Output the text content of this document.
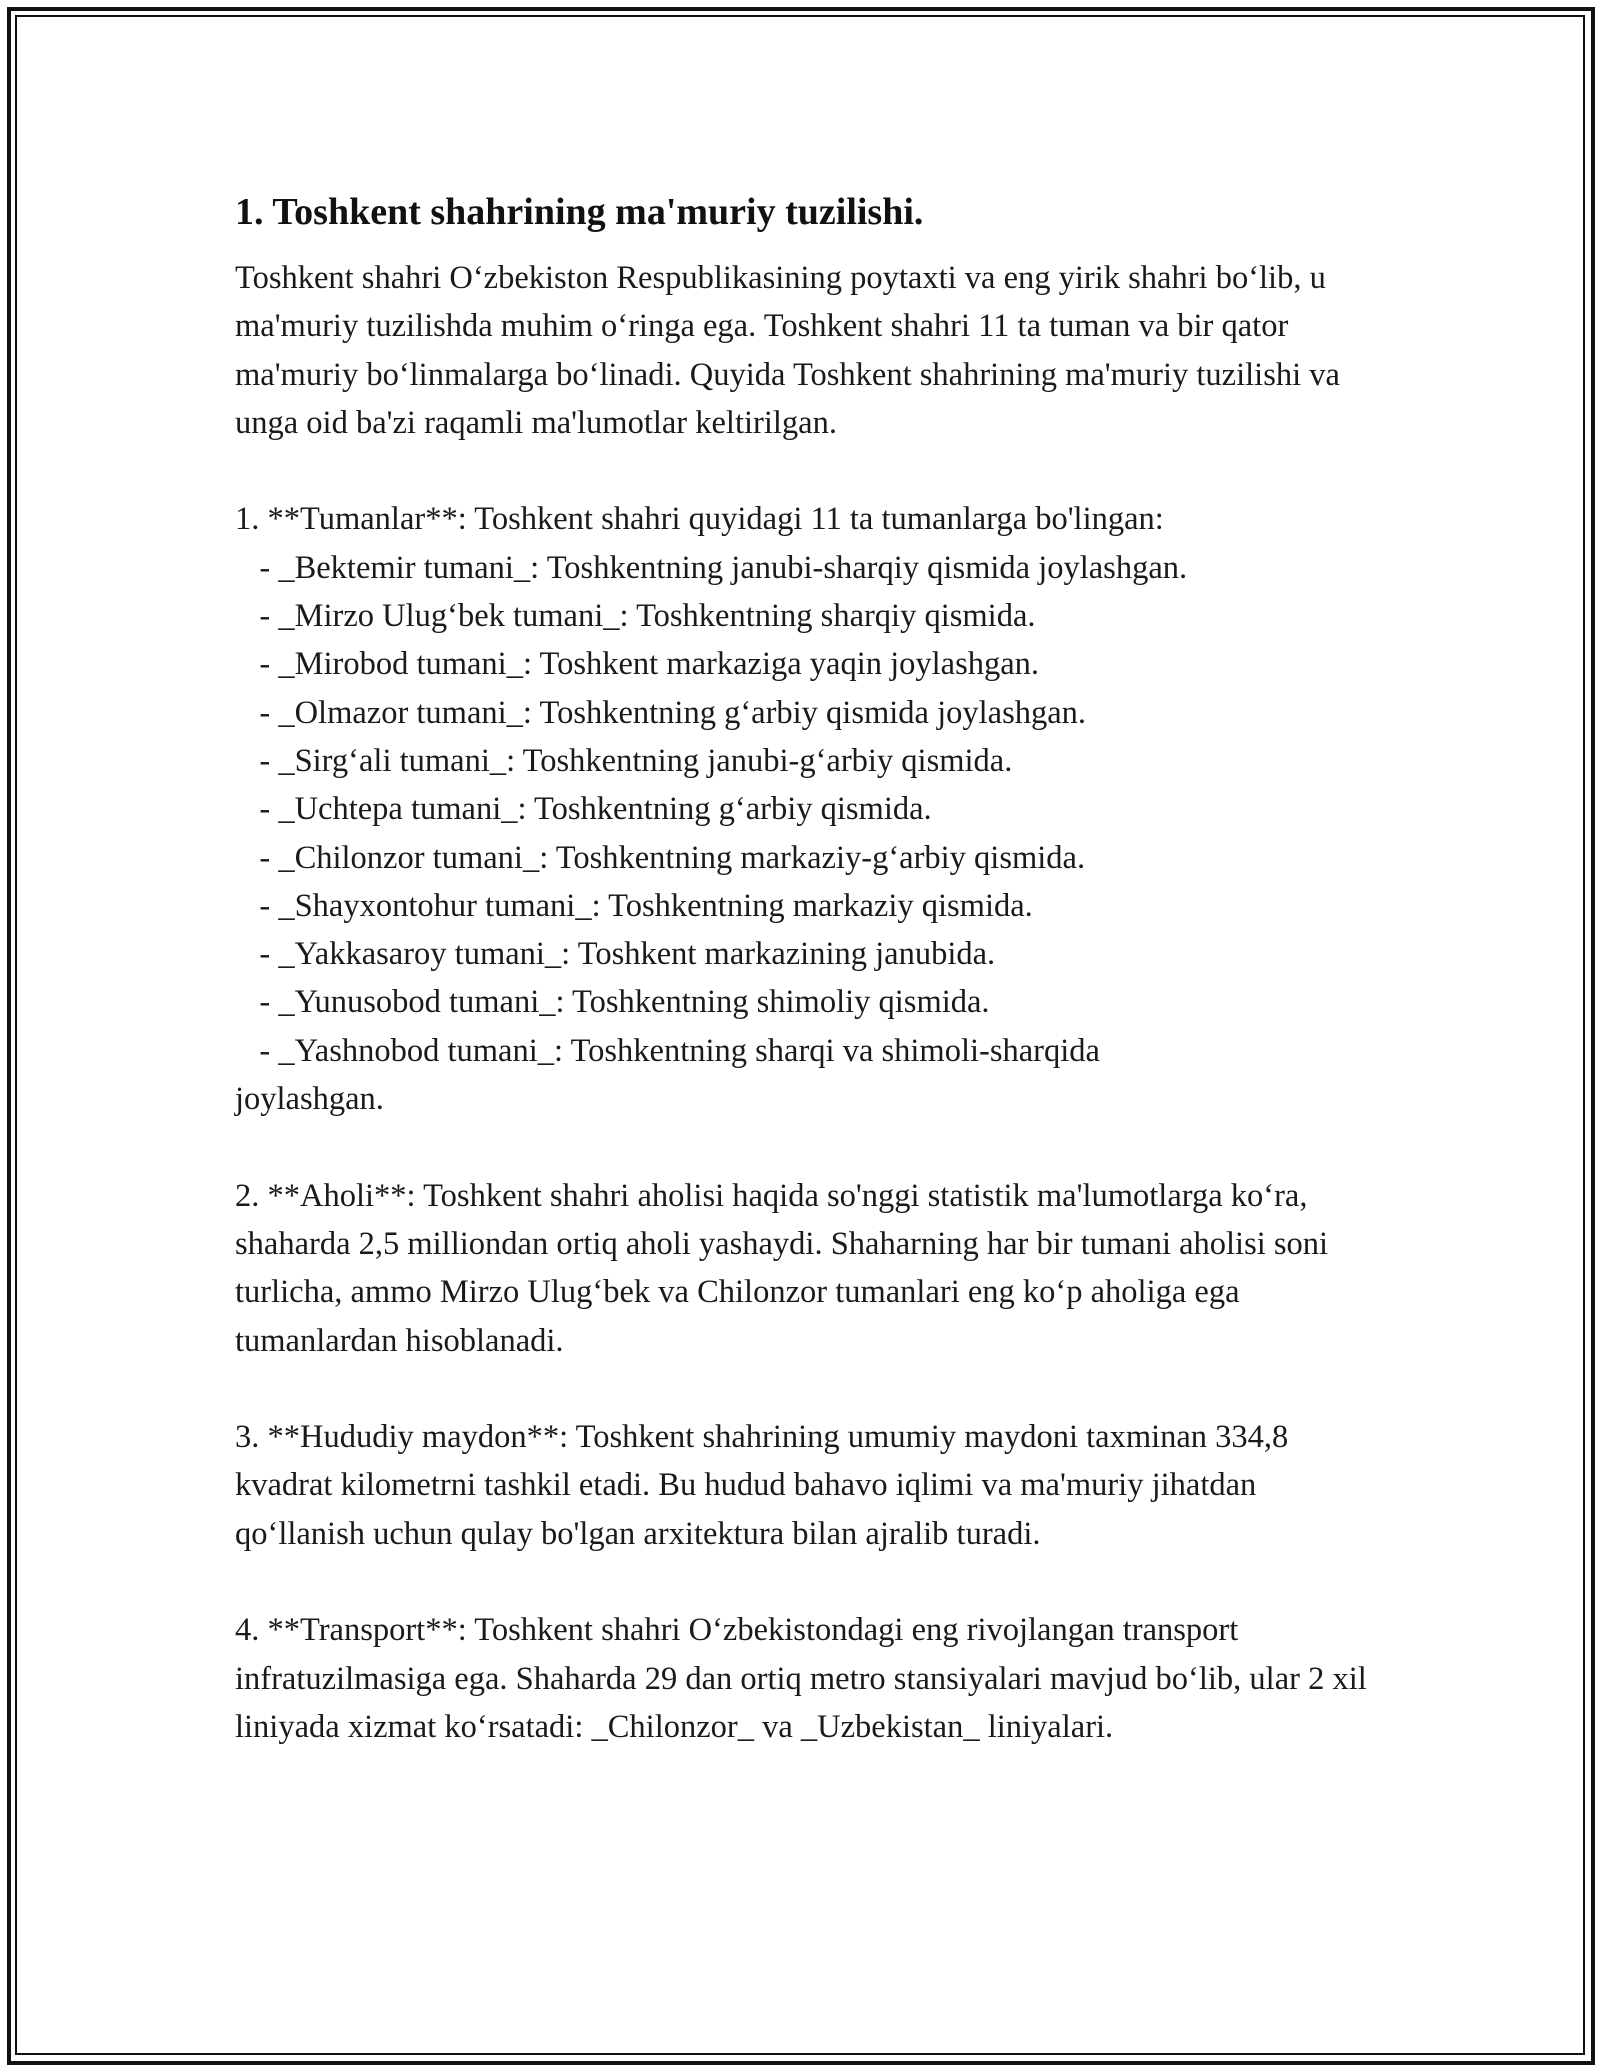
1. Toshkent shahrining ma'muriy tuzilishi.

Toshkent shahri O‘zbekiston Respublikasining poytaxti va eng yirik shahri bo‘lib, u ma'muriy tuzilishda muhim o‘ringa ega. Toshkent shahri 11 ta tuman va bir qator ma'muriy bo‘linmalarga bo‘linadi. Quyida Toshkent shahrining ma'muriy tuzilishi va unga oid ba'zi raqamli ma'lumotlar keltirilgan.

1. **Tumanlar**: Toshkent shahri quyidagi 11 ta tumanlarga bo'lingan:

- _Bektemir tumani_: Toshkentning janubi-sharqiy qismida joylashgan.
- _Mirzo Ulug‘bek tumani_: Toshkentning sharqiy qismida.
- _Mirobod tumani_: Toshkent markaziga yaqin joylashgan.
- _Olmazor tumani_: Toshkentning g‘arbiy qismida joylashgan.
- _Sirg‘ali tumani_: Toshkentning janubi-g‘arbiy qismida.
- _Uchtepa tumani_: Toshkentning g‘arbiy qismida.
- _Chilonzor tumani_: Toshkentning markaziy-g‘arbiy qismida.
- _Shayxontohur tumani_: Toshkentning markaziy qismida.
- _Yakkasaroy tumani_: Toshkent markazining janubida.
- _Yunusobod tumani_: Toshkentning shimoliy qismida.
- _Yashnobod tumani_: Toshkentning sharqi va shimoli-sharqida
joylashgan.

2. **Aholi**: Toshkent shahri aholisi haqida so'nggi statistik ma'lumotlarga ko‘ra, shaharda 2,5 milliondan ortiq aholi yashaydi. Shaharning har bir tumani aholisi soni turlicha, ammo Mirzo Ulug‘bek va Chilonzor tumanlari eng ko‘p aholiga ega tumanlardan hisoblanadi.

3. **Hududiy maydon**: Toshkent shahrining umumiy maydoni taxminan 334,8 kvadrat kilometrni tashkil etadi. Bu hudud bahavo iqlimi va ma'muriy jihatdan qo‘llanish uchun qulay bo'lgan arxitektura bilan ajralib turadi.

4. **Transport**: Toshkent shahri O‘zbekistondagi eng rivojlangan transport infratuzilmasiga ega. Shaharda 29 dan ortiq metro stansiyalari mavjud bo‘lib, ular 2 xil liniyada xizmat ko‘rsatadi: _Chilonzor_ va _Uzbekistan_ liniyalari.
